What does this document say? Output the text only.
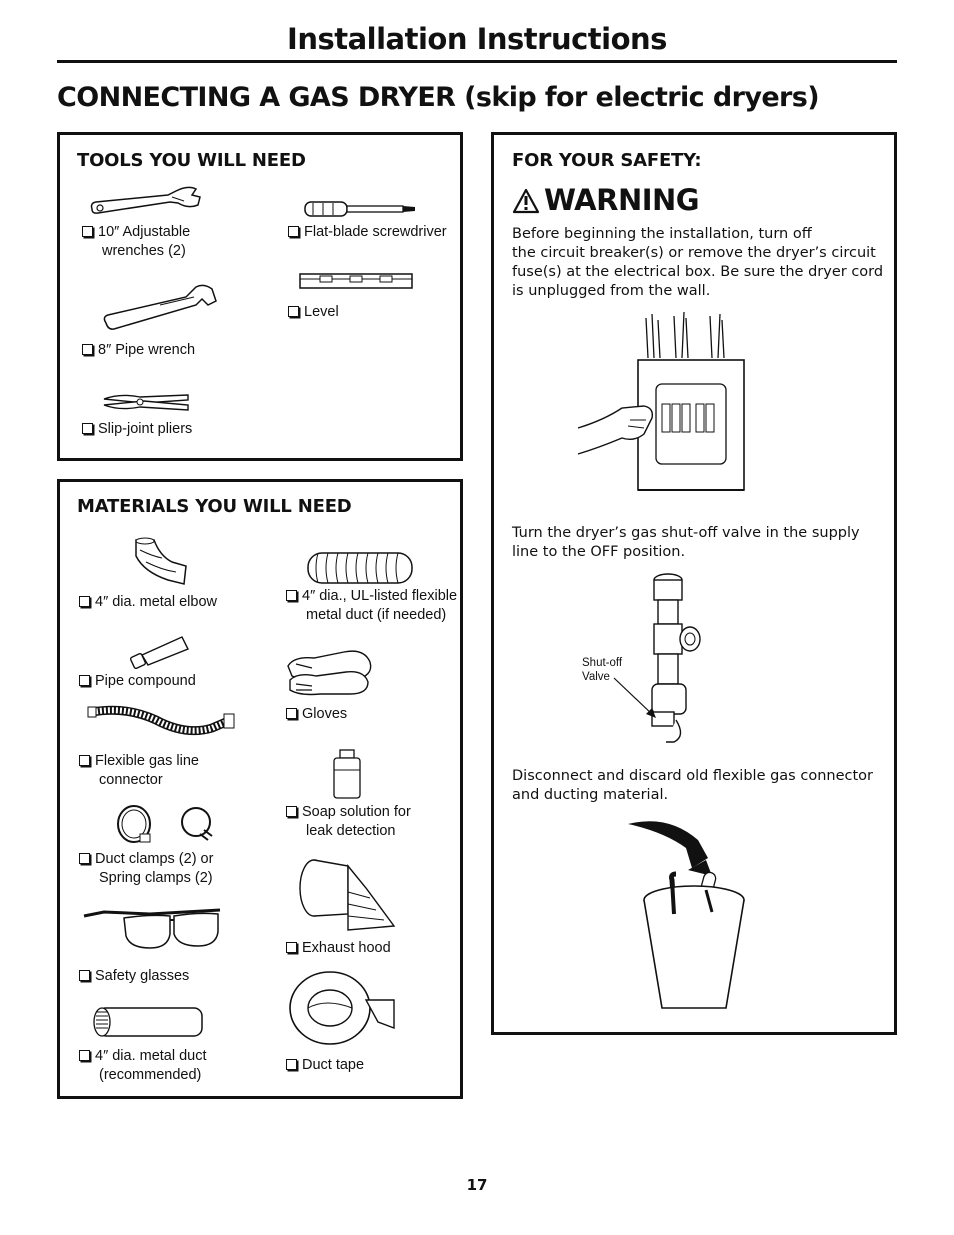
Installation Instructions
CONNECTING A GAS DRYER (skip for electric dryers)
TOOLS YOU WILL NEED
10″ Adjustable
wrenches (2)
Flat-blade screwdriver
8″ Pipe wrench
Level
Slip-joint pliers
MATERIALS YOU WILL NEED
4″ dia. metal elbow	4″ dia., UL-listed flexible
metal duct (if needed)
Pipe compound
Gloves
Flexible gas line
connector
Soap solution for
leak detection
Duct clamps (2) or
Spring clamps (2)
Exhaust hood
Safety glasses
Duct tape
4″ dia. metal duct
(recommended)
FOR YOUR SAFETY:
WARNING
Before beginning the installation, turn off
the circuit breaker(s) or remove the dryer’s circuit
fuse(s) at the electrical box. Be sure the dryer cord
is unplugged from the wall.
Turn the dryer’s gas shut-off valve in the supply
line to the OFF position.
Shut-off
Valve
Disconnect and discard old flexible gas connector
and ducting material.
17
